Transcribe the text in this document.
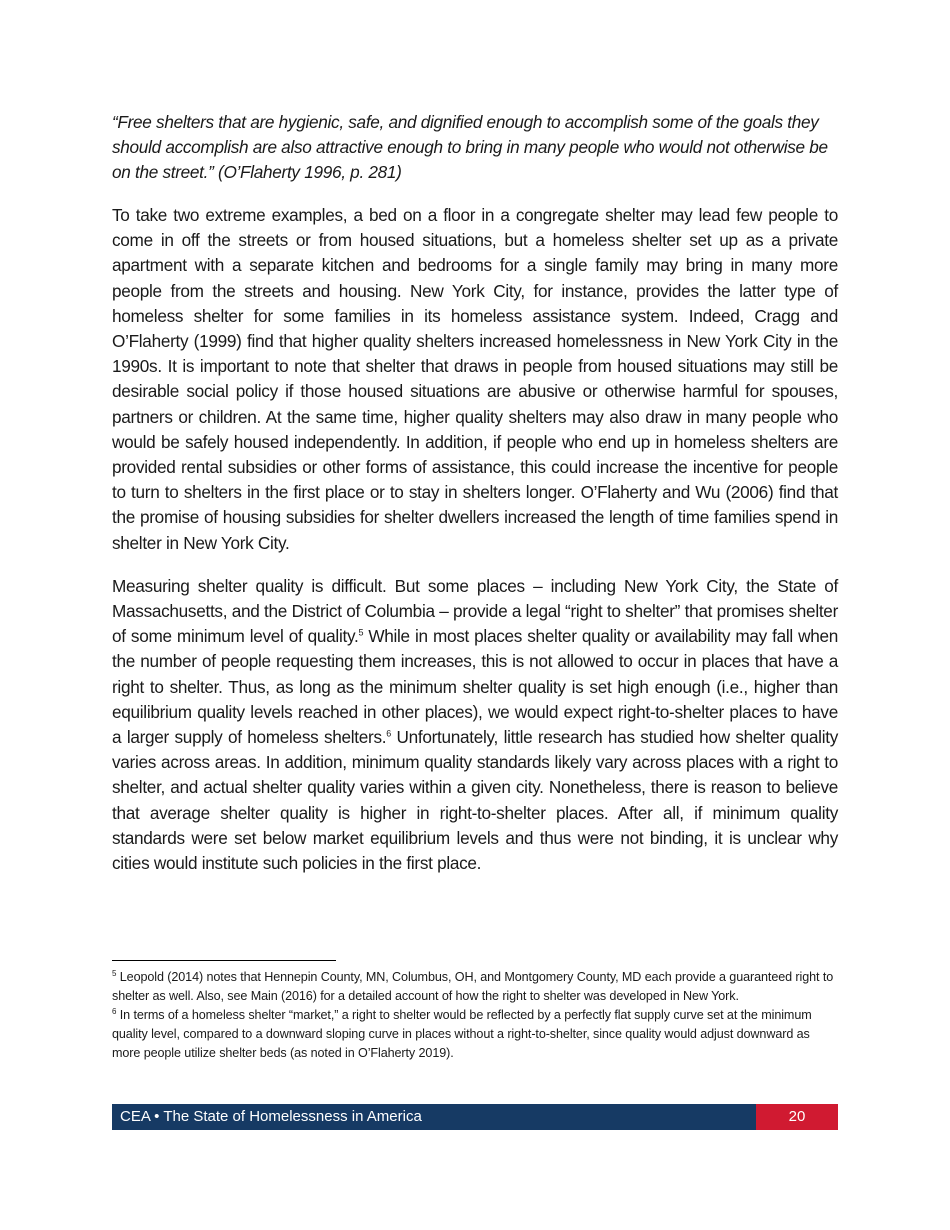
“Free shelters that are hygienic, safe, and dignified enough to accomplish some of the goals they should accomplish are also attractive enough to bring in many people who would not otherwise be on the street.” (O’Flaherty 1996, p. 281)

To take two extreme examples, a bed on a floor in a congregate shelter may lead few people to come in off the streets or from housed situations, but a homeless shelter set up as a private apartment with a separate kitchen and bedrooms for a single family may bring in many more people from the streets and housing. New York City, for instance, provides the latter type of homeless shelter for some families in its homeless assistance system. Indeed, Cragg and O’Flaherty (1999) find that higher quality shelters increased homelessness in New York City in the 1990s. It is important to note that shelter that draws in people from housed situations may still be desirable social policy if those housed situations are abusive or otherwise harmful for spouses, partners or children. At the same time, higher quality shelters may also draw in many people who would be safely housed independently. In addition, if people who end up in homeless shelters are provided rental subsidies or other forms of assistance, this could increase the incentive for people to turn to shelters in the first place or to stay in shelters longer. O’Flaherty and Wu (2006) find that the promise of housing subsidies for shelter dwellers increased the length of time families spend in shelter in New York City.

Measuring shelter quality is difficult. But some places – including New York City, the State of Massachusetts, and the District of Columbia – provide a legal “right to shelter” that promises shelter of some minimum level of quality.$^5$ While in most places shelter quality or availability may fall when the number of people requesting them increases, this is not allowed to occur in places that have a right to shelter. Thus, as long as the minimum shelter quality is set high enough (i.e., higher than equilibrium quality levels reached in other places), we would expect right-to-shelter places to have a larger supply of homeless shelters.$^6$ Unfortunately, little research has studied how shelter quality varies across areas. In addition, minimum quality standards likely vary across places with a right to shelter, and actual shelter quality varies within a given city. Nonetheless, there is reason to believe that average shelter quality is higher in right-to-shelter places. After all, if minimum quality standards were set below market equilibrium levels and thus were not binding, it is unclear why cities would institute such policies in the first place.

$^5$ Leopold (2014) notes that Hennepin County, MN, Columbus, OH, and Montgomery County, MD each provide a guaranteed right to shelter as well. Also, see Main (2016) for a detailed account of how the right to shelter was developed in New York.

$^6$ In terms of a homeless shelter “market,” a right to shelter would be reflected by a perfectly flat supply curve set at the minimum quality level, compared to a downward sloping curve in places without a right-to-shelter, since quality would adjust downward as more people utilize shelter beds (as noted in O’Flaherty 2019).

CEA • The State of Homelessness in America	20
